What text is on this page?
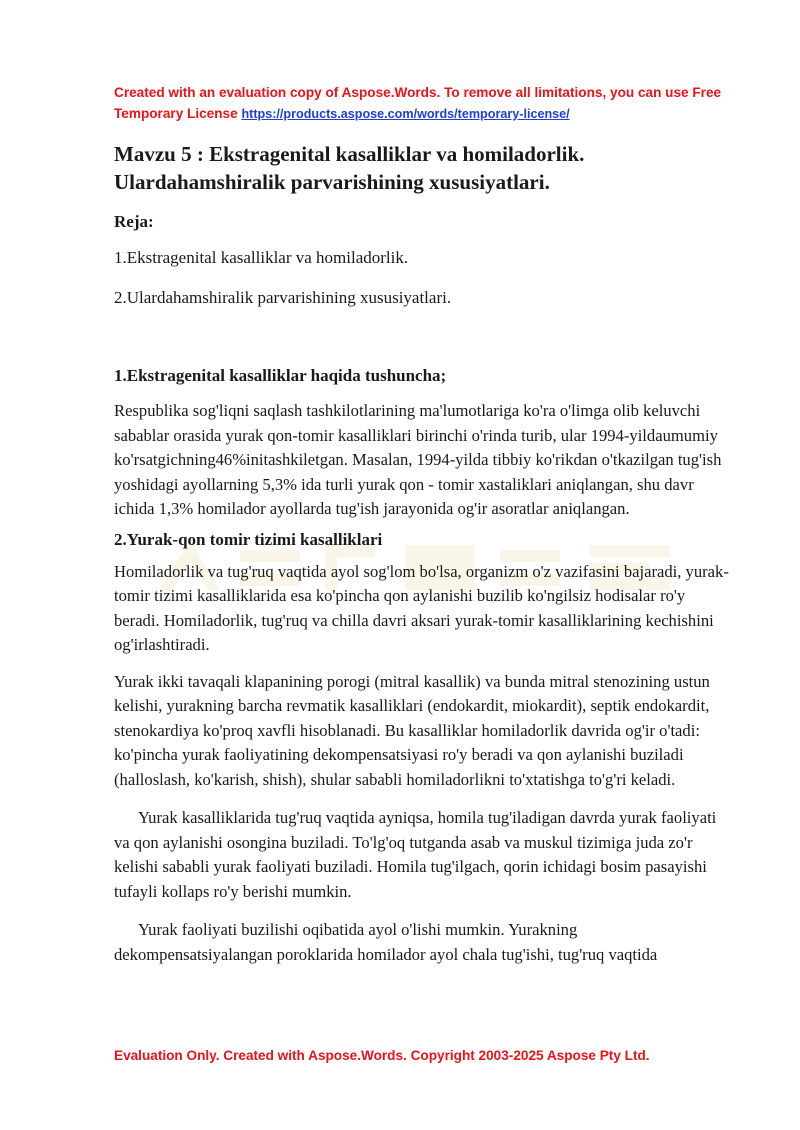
Created with an evaluation copy of Aspose.Words. To remove all limitations, you can use Free Temporary License https://products.aspose.com/words/temporary-license/
Mavzu 5 : Ekstragenital kasalliklar va homiladorlik. Ulardahamshiralik parvarishining xususiyatlari.
Reja:
1.Ekstragenital kasalliklar va homiladorlik.
2.Ulardahamshiralik parvarishining xususiyatlari.
1.Ekstragenital kasalliklar haqida tushuncha;
Respublika sog'liqni saqlash tashkilotlarining ma'lumotlariga ko'ra o'limga olib keluvchi sabablar orasida yurak qon-tomir kasalliklari birinchi o'rinda turib, ular 1994-yildaumumiy ko'rsatgichning46%initashkiletgan. Masalan, 1994-yilda tibbiy ko'rikdan o'tkazilgan tug'ish yoshidagi ayollarning 5,3% ida turli yurak qon - tomir xastaliklari aniqlangan, shu davr ichida 1,3% homilador ayollarda tug'ish jarayonida og'ir asoratlar aniqlangan.
2.Yurak-qon tomir tizimi kasalliklari
Homiladorlik va tug'ruq vaqtida ayol sog'lom bo'lsa, organizm o'z vazifasini bajaradi, yurak-tomir tizimi kasalliklarida esa ko'pincha qon aylanishi buzilib ko'ngilsiz hodisalar ro'y beradi. Homiladorlik, tug'ruq va chilla davri aksari yurak-tomir kasalliklarining kechishini og'irlashtiradi.
Yurak ikki tavaqali klapanining porogi (mitral kasallik) va bunda mitral stenozining ustun kelishi, yurakning barcha revmatik kasalliklari (endokardit, miokardit), septik endokardit, stenokardiya ko'proq xavfli hisoblanadi. Bu kasalliklar homiladorlik davrida og'ir o'tadi: ko'pincha yurak faoliyatining dekompensatsiyasi ro'y beradi va qon aylanishi buziladi (halloslash, ko'karish, shish), shular sababli homiladorlikni to'xtatishga to'g'ri keladi.
Yurak kasalliklarida tug'ruq vaqtida ayniqsa, homila tug'iladigan davrda yurak faoliyati va qon aylanishi osongina buziladi. To'lg'oq tutganda asab va muskul tizimiga juda zo'r kelishi sababli yurak faoliyati buziladi. Homila tug'ilgach, qorin ichidagi bosim pasayishi tufayli kollaps ro'y berishi mumkin.
Yurak faoliyati buzilishi oqibatida ayol o'lishi mumkin. Yurakning dekompensatsiyalangan poroklarida homilador ayol chala tug'ishi, tug'ruq vaqtida
Evaluation Only. Created with Aspose.Words. Copyright 2003-2025 Aspose Pty Ltd.
